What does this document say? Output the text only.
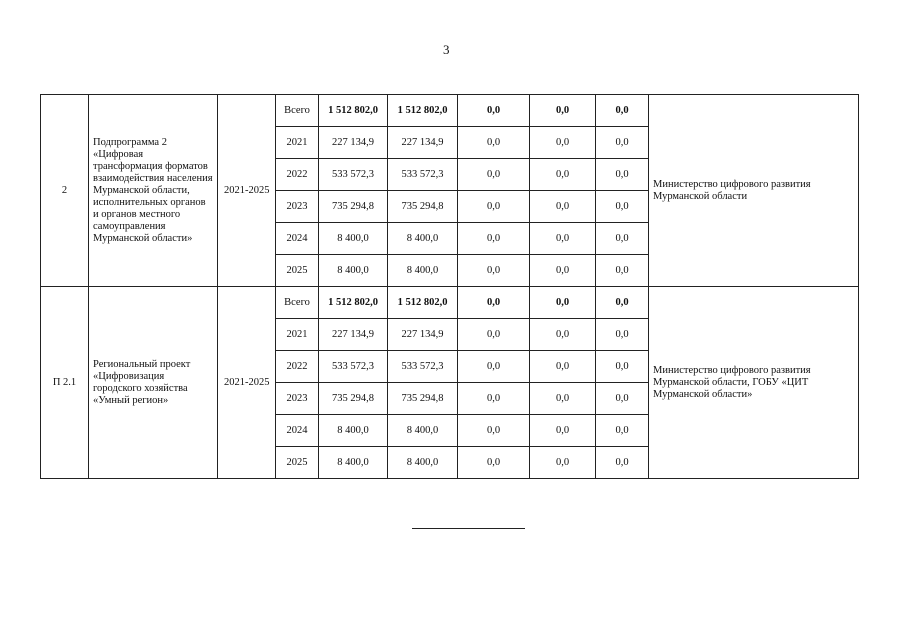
3
2	Подпрограмма 2 «Цифровая трансформация форматов взаимодействия населения Мурманской области, исполнительных органов и органов местного самоуправления Мурманской области»	2021-2025	Всего	1 512 802,0	1 512 802,0	0,0	0,0	0,0	Министерство цифрового развития Мурманской области
			2021	227 134,9	227 134,9	0,0	0,0	0,0	
			2022	533 572,3	533 572,3	0,0	0,0	0,0	
			2023	735 294,8	735 294,8	0,0	0,0	0,0	
			2024	8 400,0	8 400,0	0,0	0,0	0,0	
			2025	8 400,0	8 400,0	0,0	0,0	0,0	
П 2.1	Региональный проект «Цифровизация городского хозяйства «Умный регион»	2021-2025	Всего	1 512 802,0	1 512 802,0	0,0	0,0	0,0	Министерство цифрового развития Мурманской области, ГОБУ «ЦИТ Мурманской области»
			2021	227 134,9	227 134,9	0,0	0,0	0,0	
			2022	533 572,3	533 572,3	0,0	0,0	0,0	
			2023	735 294,8	735 294,8	0,0	0,0	0,0	
			2024	8 400,0	8 400,0	0,0	0,0	0,0	
			2025	8 400,0	8 400,0	0,0	0,0	0,0	
